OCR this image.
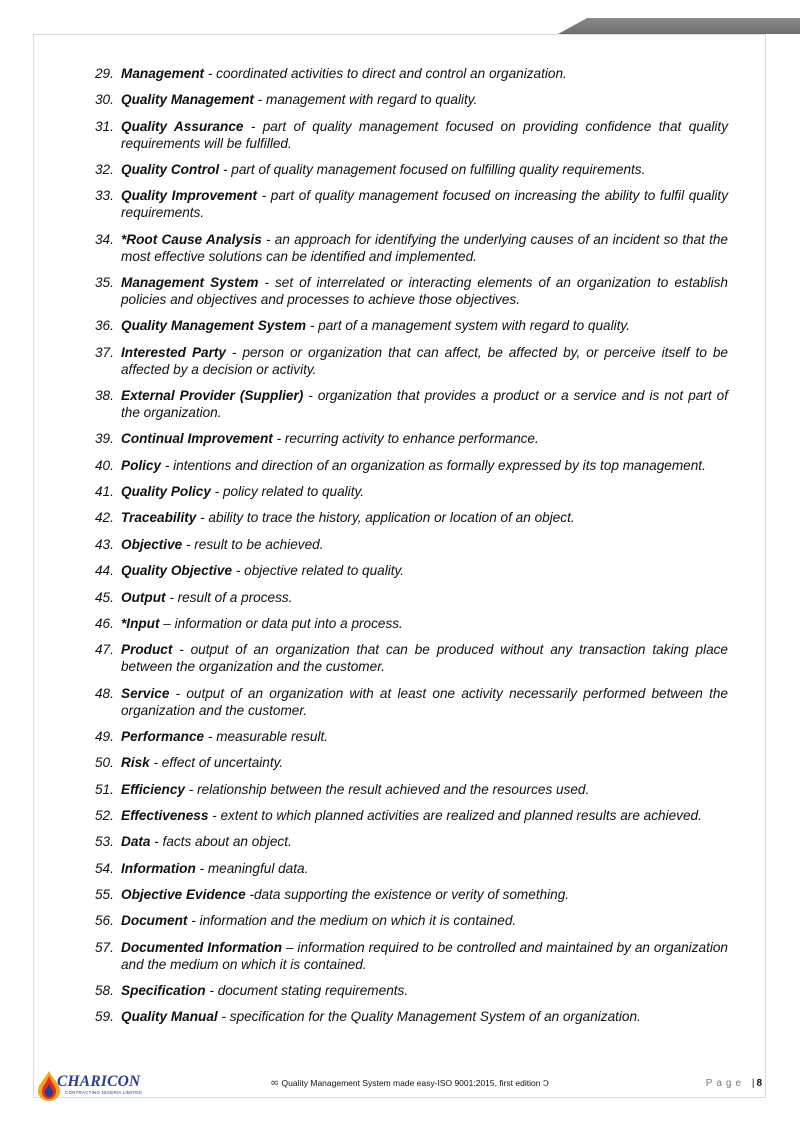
29. Management - coordinated activities to direct and control an organization.
30. Quality Management - management with regard to quality.
31. Quality Assurance - part of quality management focused on providing confidence that quality requirements will be fulfilled.
32. Quality Control - part of quality management focused on fulfilling quality requirements.
33. Quality Improvement - part of quality management focused on increasing the ability to fulfil quality requirements.
34. *Root Cause Analysis - an approach for identifying the underlying causes of an incident so that the most effective solutions can be identified and implemented.
35. Management System - set of interrelated or interacting elements of an organization to establish policies and objectives and processes to achieve those objectives.
36. Quality Management System - part of a management system with regard to quality.
37. Interested Party - person or organization that can affect, be affected by, or perceive itself to be affected by a decision or activity.
38. External Provider (Supplier) - organization that provides a product or a service and is not part of the organization.
39. Continual Improvement - recurring activity to enhance performance.
40. Policy - intentions and direction of an organization as formally expressed by its top management.
41. Quality Policy - policy related to quality.
42. Traceability - ability to trace the history, application or location of an object.
43. Objective - result to be achieved.
44. Quality Objective - objective related to quality.
45. Output - result of a process.
46. *Input – information or data put into a process.
47. Product - output of an organization that can be produced without any transaction taking place between the organization and the customer.
48. Service - output of an organization with at least one activity necessarily performed between the organization and the customer.
49. Performance - measurable result.
50. Risk - effect of uncertainty.
51. Efficiency - relationship between the result achieved and the resources used.
52. Effectiveness - extent to which planned activities are realized and planned results are achieved.
53. Data - facts about an object.
54. Information - meaningful data.
55. Objective Evidence -data supporting the existence or verity of something.
56. Document - information and the medium on which it is contained.
57. Documented Information – information required to be controlled and maintained by an organization and the medium on which it is contained.
58. Specification - document stating requirements.
59. Quality Manual - specification for the Quality Management System of an organization.
CHARICON
CONTRACTING NIGERIA LIMITED
∞ Quality Management System made easy-ISO 9001:2015, first edition ↄ	Page | 8
